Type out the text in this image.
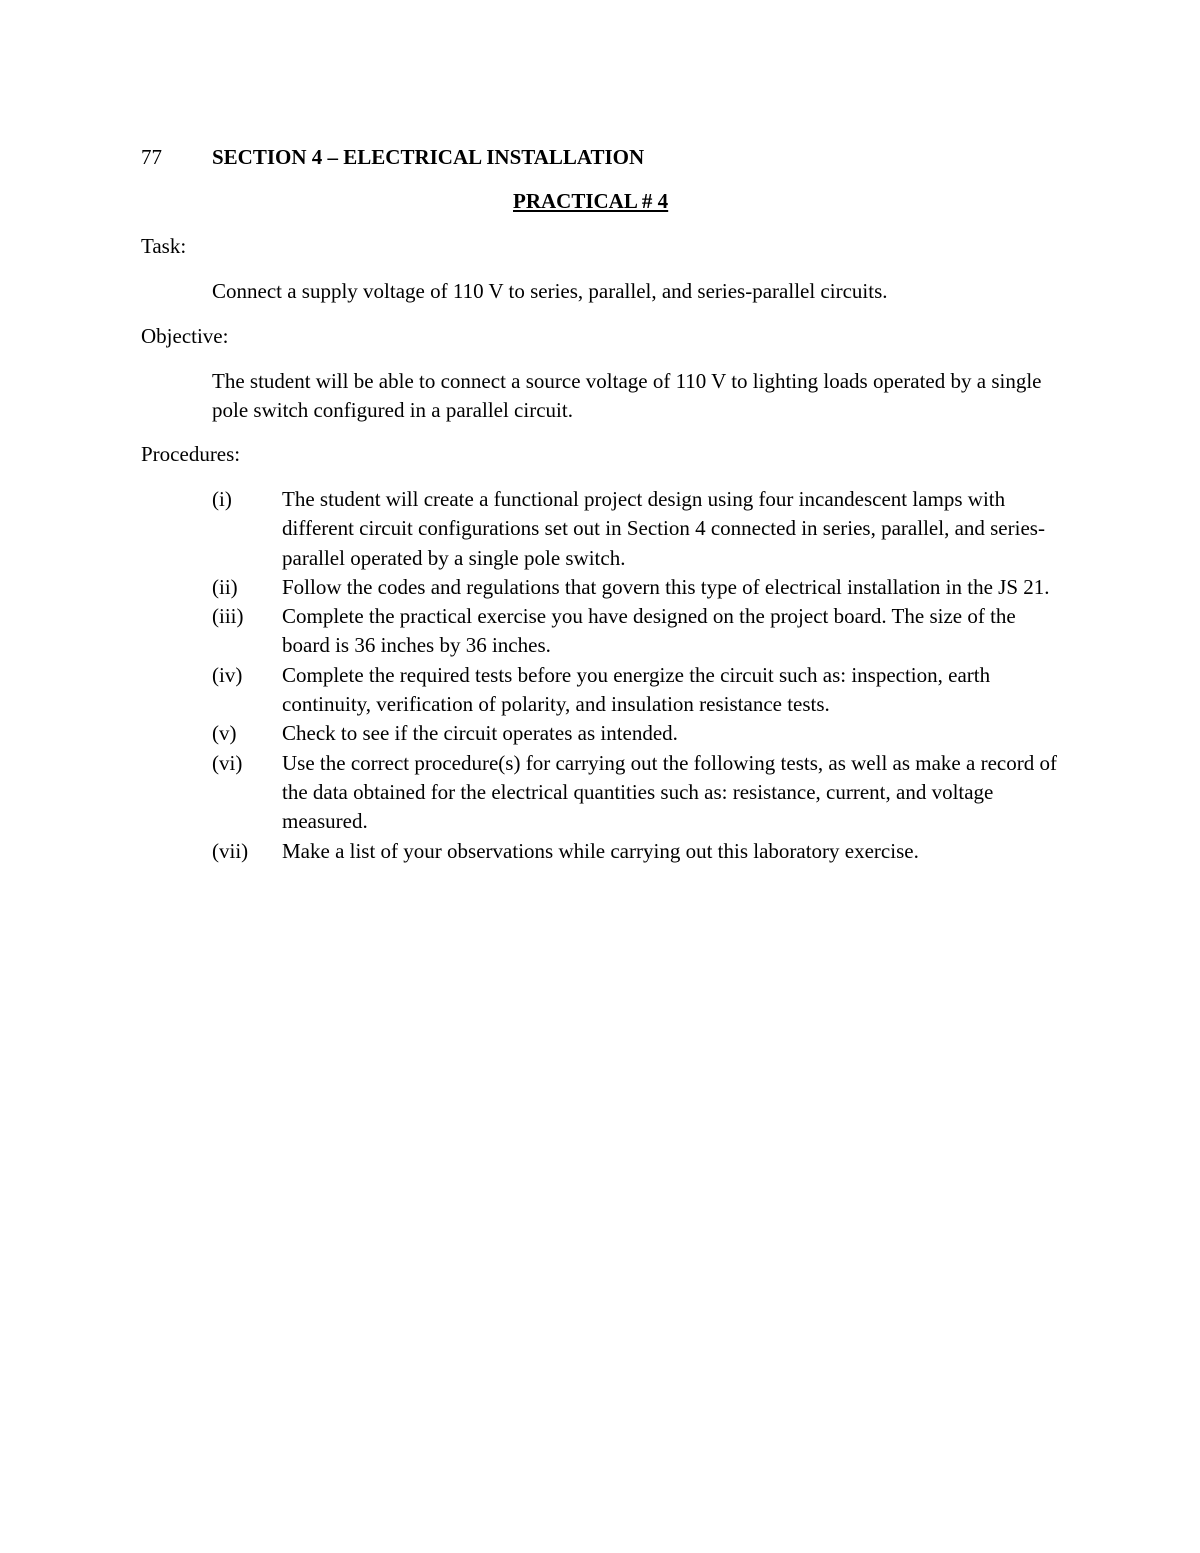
77 SECTION 4 – ELECTRICAL INSTALLATION
PRACTICAL # 4
Task:
Connect a supply voltage of 110 V to series, parallel, and series-parallel circuits.
Objective:
The student will be able to connect a source voltage of 110 V to lighting loads operated by a single pole switch configured in a parallel circuit.
Procedures:
(i)	The student will create a functional project design using four incandescent lamps with different circuit configurations set out in Section 4 connected in series, parallel, and series-parallel operated by a single pole switch.
(ii)	Follow the codes and regulations that govern this type of electrical installation in the JS 21.
(iii)	Complete the practical exercise you have designed on the project board. The size of the board is 36 inches by 36 inches.
(iv)	Complete the required tests before you energize the circuit such as: inspection, earth continuity, verification of polarity, and insulation resistance tests.
(v)	Check to see if the circuit operates as intended.
(vi)	Use the correct procedure(s) for carrying out the following tests, as well as make a record of the data obtained for the electrical quantities such as: resistance, current, and voltage measured.
(vii)	Make a list of your observations while carrying out this laboratory exercise.
